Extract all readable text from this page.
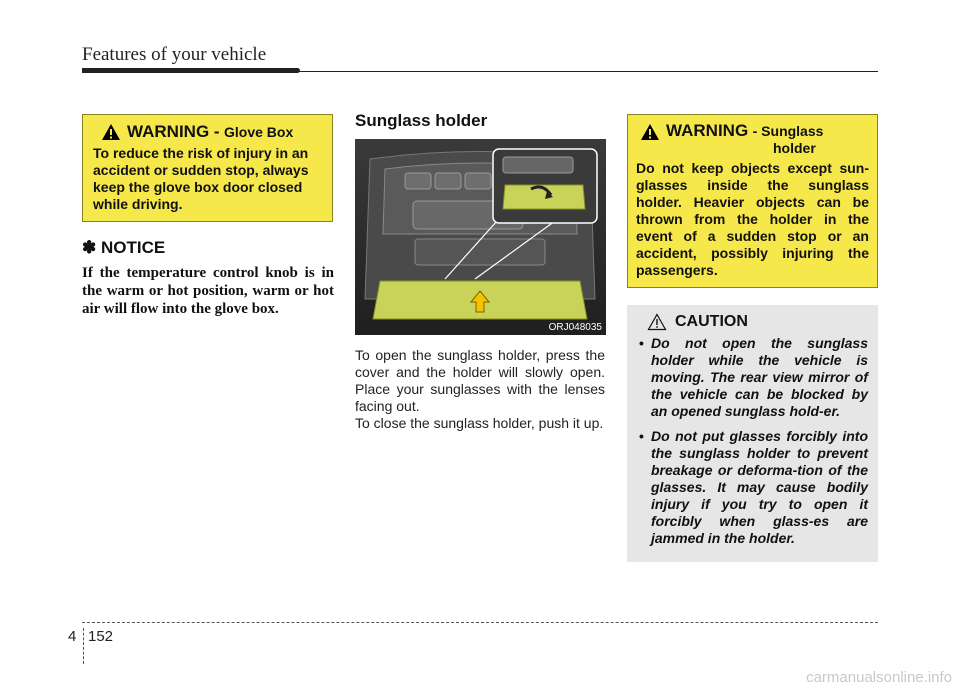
Features of your vehicle
WARNING - Glove Box
To reduce the risk of injury in an accident or sudden stop, always keep the glove box door closed while driving.
✽ NOTICE
If the temperature control knob is in the warm or hot position, warm or hot air will flow into the glove box.
Sunglass holder
ORJ048035

To open the sunglass holder, press the cover and the holder will slowly open. Place your sunglasses with the lenses facing out.

To close the sunglass holder, push it up.

WARNING - Sunglass
holder
Do not keep objects except sun-glasses inside the sunglass holder. Heavier objects can be thrown from the holder in the event of a sudden stop or an accident, possibly injuring the passengers.
CAUTION
• Do not open the sunglass holder while the vehicle is moving. The rear view mirror of the vehicle can be blocked by an opened sunglass hold-er.
• Do not put glasses forcibly into the sunglass holder to prevent breakage or deforma-tion of the glasses. It may cause bodily injury if you try to open it forcibly when glass-es are jammed in the holder.
4 152
carmanualsonline.info
